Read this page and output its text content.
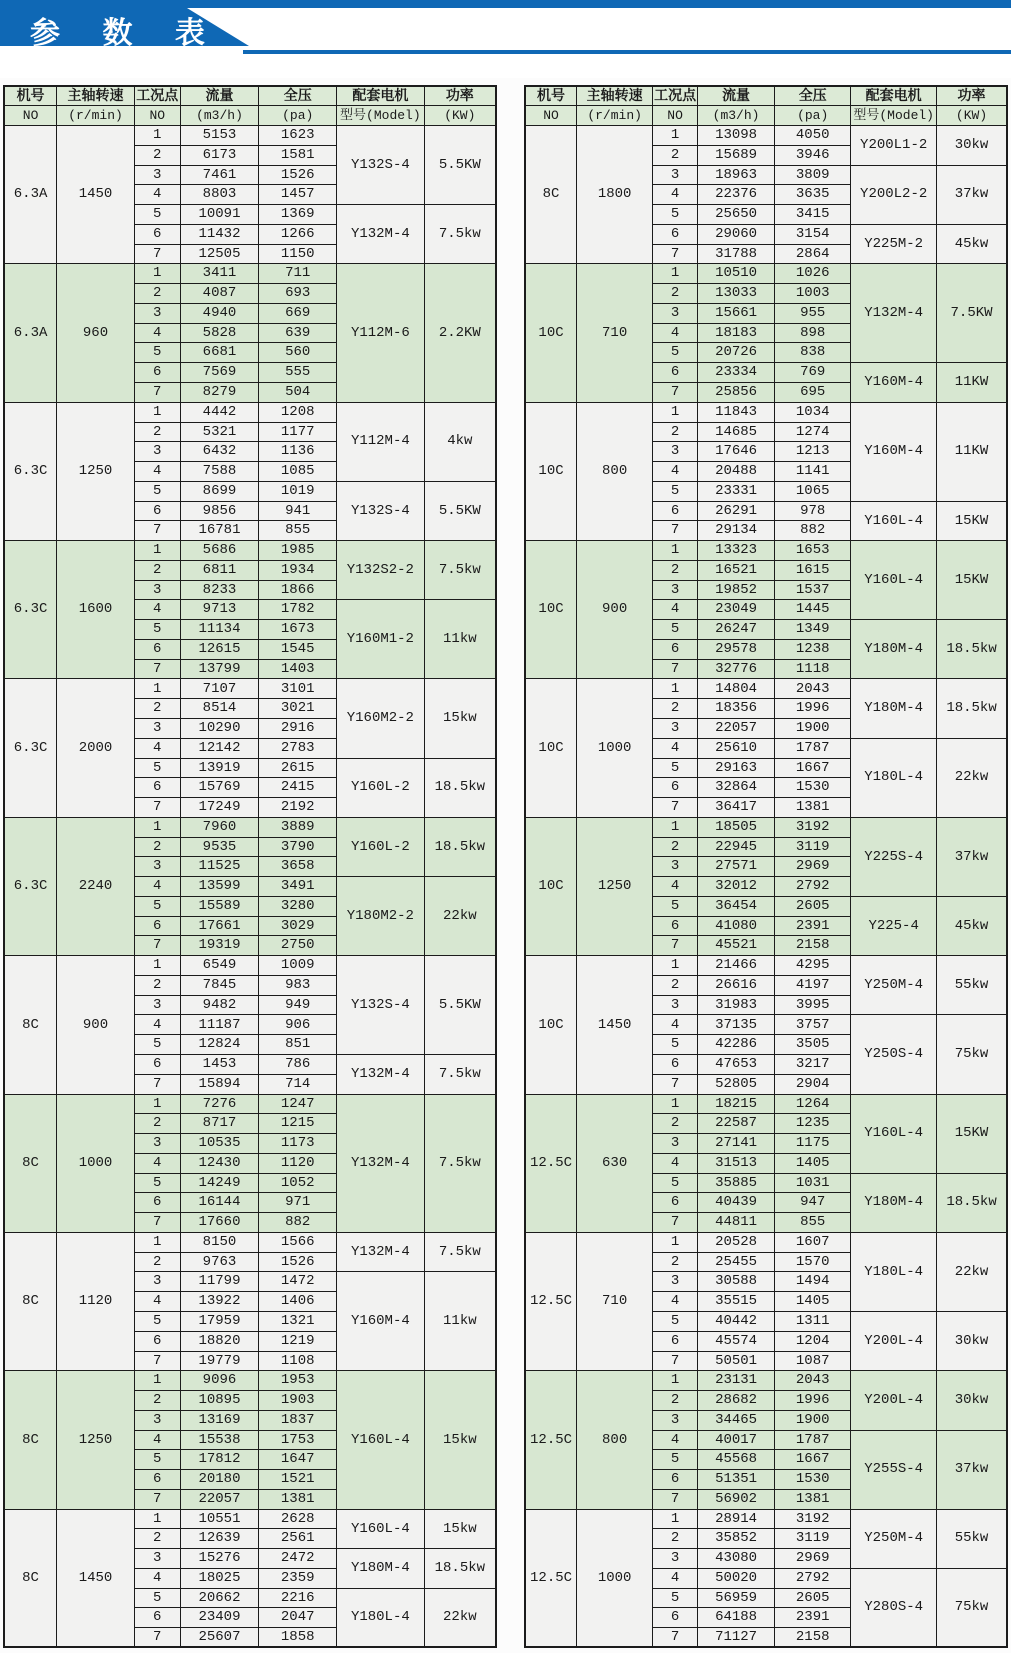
参 数 表
机号	主轴转速	工况点	流量	全压	配套电机	功率
NO	(r/min)	NO	(m3/h)	(pa)	型号(Model)	(KW)
6.3A	1450	1	5153	1623	Y132S-4	5.5KW
		2	6173	1581		
		3	7461	1526		
		4	8803	1457		
		5	10091	1369	Y132M-4	7.5kw
		6	11432	1266		
		7	12505	1150		
6.3A	960	1	3411	711	Y112M-6	2.2KW
		2	4087	693		
		3	4940	669		
		4	5828	639		
		5	6681	560		
		6	7569	555		
		7	8279	504		
6.3C	1250	1	4442	1208	Y112M-4	4kw
		2	5321	1177		
		3	6432	1136		
		4	7588	1085		
		5	8699	1019	Y132S-4	5.5KW
		6	9856	941		
		7	16781	855		
6.3C	1600	1	5686	1985	Y132S2-2	7.5kw
		2	6811	1934		
		3	8233	1866		
		4	9713	1782	Y160M1-2	11kw
		5	11134	1673		
		6	12615	1545		
		7	13799	1403		
6.3C	2000	1	7107	3101	Y160M2-2	15kw
		2	8514	3021		
		3	10290	2916		
		4	12142	2783		
		5	13919	2615	Y160L-2	18.5kw
		6	15769	2415		
		7	17249	2192		
6.3C	2240	1	7960	3889	Y160L-2	18.5kw
		2	9535	3790		
		3	11525	3658		
		4	13599	3491	Y180M2-2	22kw
		5	15589	3280		
		6	17661	3029		
		7	19319	2750		
8C	900	1	6549	1009	Y132S-4	5.5KW
		2	7845	983		
		3	9482	949		
		4	11187	906		
		5	12824	851		
		6	1453	786	Y132M-4	7.5kw
		7	15894	714		
8C	1000	1	7276	1247	Y132M-4	7.5kw
		2	8717	1215		
		3	10535	1173		
		4	12430	1120		
		5	14249	1052		
		6	16144	971		
		7	17660	882		
8C	1120	1	8150	1566	Y132M-4	7.5kw
		2	9763	1526		
		3	11799	1472	Y160M-4	11kw
		4	13922	1406		
		5	17959	1321		
		6	18820	1219		
		7	19779	1108		
8C	1250	1	9096	1953	Y160L-4	15kw
		2	10895	1903		
		3	13169	1837		
		4	15538	1753		
		5	17812	1647		
		6	20180	1521		
		7	22057	1381		
8C	1450	1	10551	2628	Y160L-4	15kw
		2	12639	2561		
		3	15276	2472	Y180M-4	18.5kw
		4	18025	2359		
		5	20662	2216	Y180L-4	22kw
		6	23409	2047		
		7	25607	1858		
机号	主轴转速	工况点	流量	全压	配套电机	功率
NO	(r/min)	NO	(m3/h)	(pa)	型号(Model)	(KW)
8C	1800	1	13098	4050	Y200L1-2	30kw
		2	15689	3946		
		3	18963	3809	Y200L2-2	37kw
		4	22376	3635		
		5	25650	3415		
		6	29060	3154	Y225M-2	45kw
		7	31788	2864		
10C	710	1	10510	1026	Y132M-4	7.5KW
		2	13033	1003		
		3	15661	955		
		4	18183	898		
		5	20726	838		
		6	23334	769	Y160M-4	11KW
		7	25856	695		
10C	800	1	11843	1034	Y160M-4	11KW
		2	14685	1274		
		3	17646	1213		
		4	20488	1141		
		5	23331	1065		
		6	26291	978	Y160L-4	15KW
		7	29134	882		
10C	900	1	13323	1653	Y160L-4	15KW
		2	16521	1615		
		3	19852	1537		
		4	23049	1445		
		5	26247	1349	Y180M-4	18.5kw
		6	29578	1238		
		7	32776	1118		
10C	1000	1	14804	2043	Y180M-4	18.5kw
		2	18356	1996		
		3	22057	1900		
		4	25610	1787	Y180L-4	22kw
		5	29163	1667		
		6	32864	1530		
		7	36417	1381		
10C	1250	1	18505	3192	Y225S-4	37kw
		2	22945	3119		
		3	27571	2969		
		4	32012	2792		
		5	36454	2605	Y225-4	45kw
		6	41080	2391		
		7	45521	2158		
10C	1450	1	21466	4295	Y250M-4	55kw
		2	26616	4197		
		3	31983	3995		
		4	37135	3757	Y250S-4	75kw
		5	42286	3505		
		6	47653	3217		
		7	52805	2904		
12.5C	630	1	18215	1264	Y160L-4	15KW
		2	22587	1235		
		3	27141	1175		
		4	31513	1405		
		5	35885	1031	Y180M-4	18.5kw
		6	40439	947		
		7	44811	855		
12.5C	710	1	20528	1607	Y180L-4	22kw
		2	25455	1570		
		3	30588	1494		
		4	35515	1405		
		5	40442	1311	Y200L-4	30kw
		6	45574	1204		
		7	50501	1087		
12.5C	800	1	23131	2043	Y200L-4	30kw
		2	28682	1996		
		3	34465	1900		
		4	40017	1787	Y255S-4	37kw
		5	45568	1667		
		6	51351	1530		
		7	56902	1381		
12.5C	1000	1	28914	3192	Y250M-4	55kw
		2	35852	3119		
		3	43080	2969		
		4	50020	2792	Y280S-4	75kw
		5	56959	2605		
		6	64188	2391		
		7	71127	2158		
